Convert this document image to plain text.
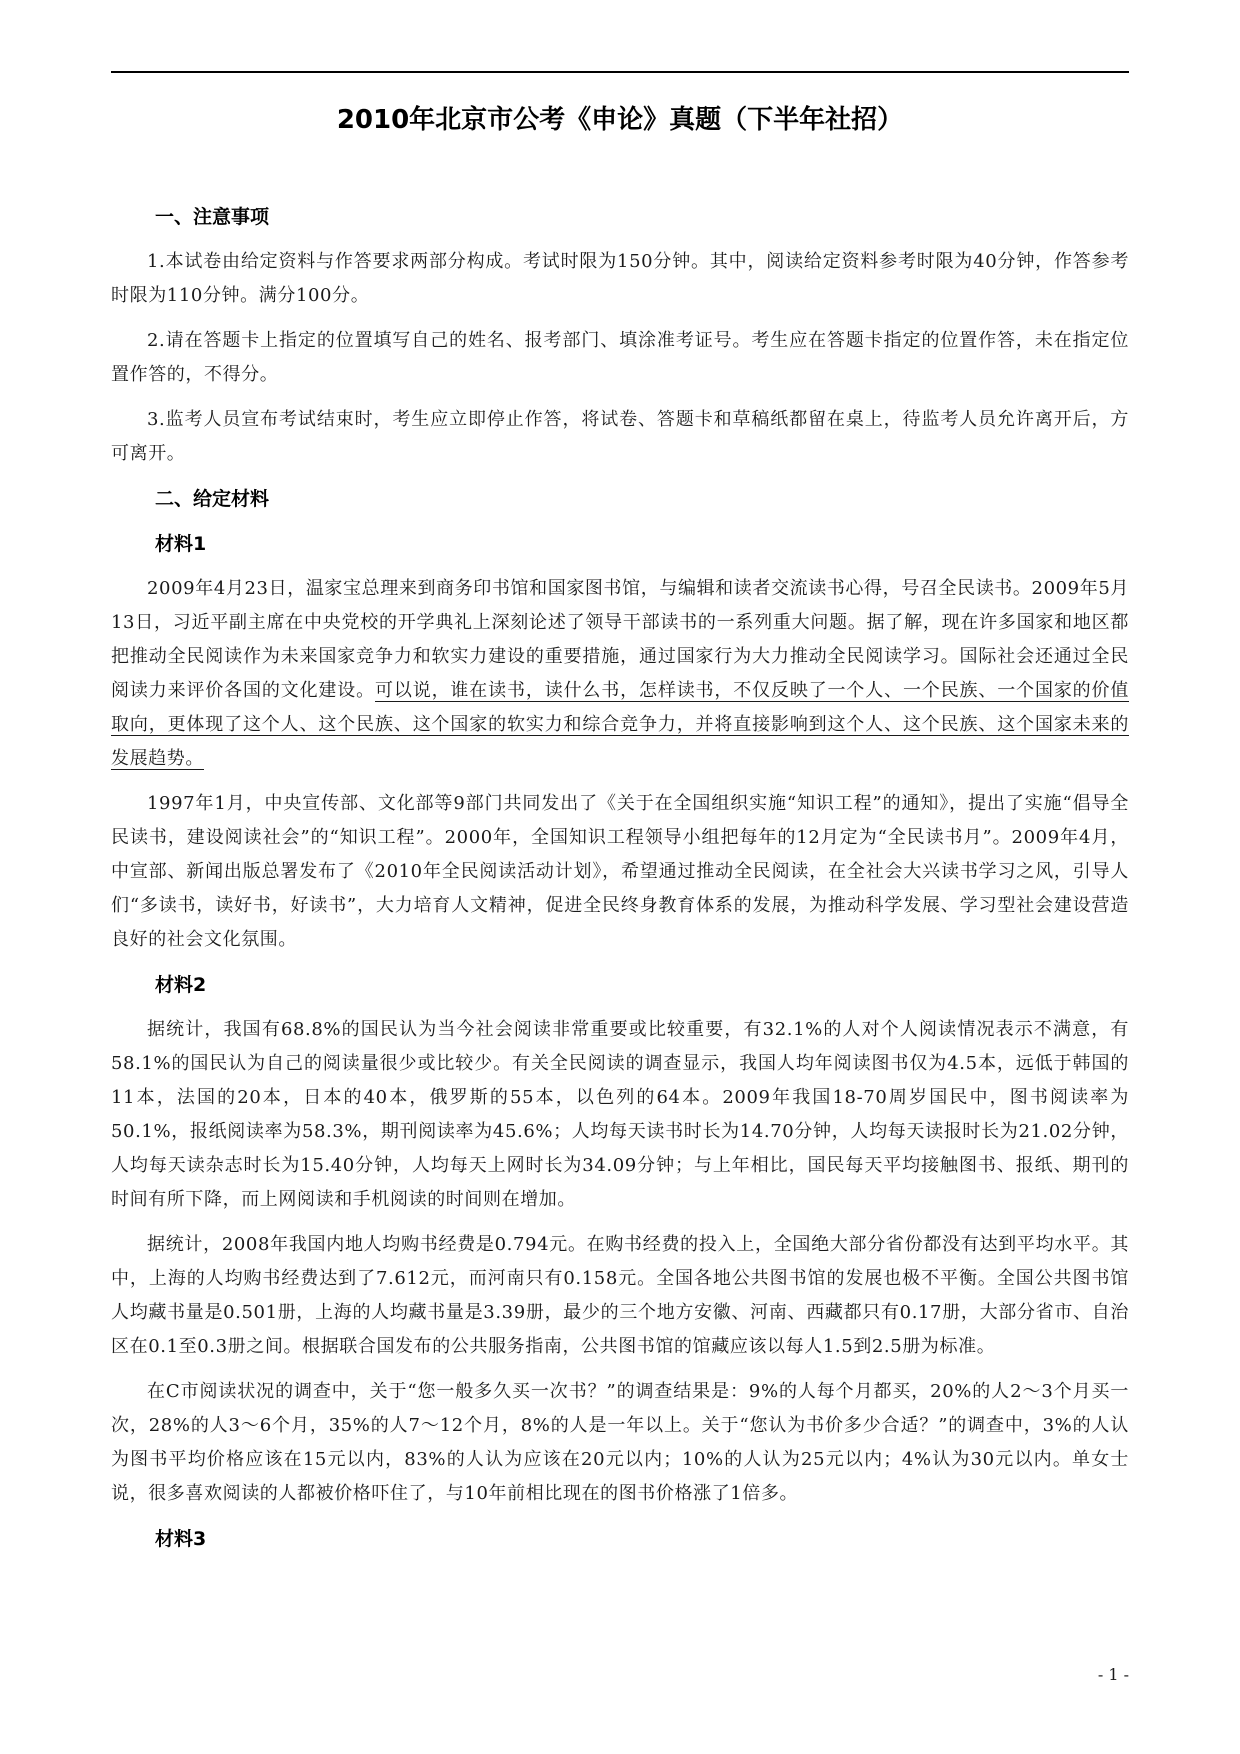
2010年北京市公考《申论》真题（下半年社招）
一、注意事项

1.本试卷由给定资料与作答要求两部分构成。考试时限为150分钟。其中，阅读给定资料参考时限为40分钟，作答参考时限为110分钟。满分100分。

2.请在答题卡上指定的位置填写自己的姓名、报考部门、填涂准考证号。考生应在答题卡指定的位置作答，未在指定位置作答的，不得分。

3.监考人员宣布考试结束时，考生应立即停止作答，将试卷、答题卡和草稿纸都留在桌上，待监考人员允许离开后，方可离开。

二、给定材料
材料1

2009年4月23日，温家宝总理来到商务印书馆和国家图书馆，与编辑和读者交流读书心得，号召全民读书。2009年5月13日，习近平副主席在中央党校的开学典礼上深刻论述了领导干部读书的一系列重大问题。据了解，现在许多国家和地区都把推动全民阅读作为未来国家竞争力和软实力建设的重要措施，通过国家行为大力推动全民阅读学习。国际社会还通过全民阅读力来评价各国的文化建设。可以说，谁在读书，读什么书，怎样读书，不仅反映了一个人、一个民族、一个国家的价值取向，更体现了这个人、这个民族、这个国家的软实力和综合竞争力，并将直接影响到这个人、这个民族、这个国家未来的发展趋势。

1997年1月，中央宣传部、文化部等9部门共同发出了《关于在全国组织实施“知识工程”的通知》，提出了实施“倡导全民读书，建设阅读社会”的“知识工程”。2000年，全国知识工程领导小组把每年的12月定为“全民读书月”。2009年4月，中宣部、新闻出版总署发布了《2010年全民阅读活动计划》，希望通过推动全民阅读，在全社会大兴读书学习之风，引导人们“多读书，读好书，好读书”，大力培育人文精神，促进全民终身教育体系的发展，为推动科学发展、学习型社会建设营造良好的社会文化氛围。

材料2

据统计，我国有68.8%的国民认为当今社会阅读非常重要或比较重要，有32.1%的人对个人阅读情况表示不满意，有58.1%的国民认为自己的阅读量很少或比较少。有关全民阅读的调查显示，我国人均年阅读图书仅为4.5本，远低于韩国的11本，法国的20本，日本的40本，俄罗斯的55本，以色列的64本。2009年我国18-70周岁国民中，图书阅读率为50.1%，报纸阅读率为58.3%，期刊阅读率为45.6%；人均每天读书时长为14.70分钟，人均每天读报时长为21.02分钟，人均每天读杂志时长为15.40分钟，人均每天上网时长为34.09分钟；与上年相比，国民每天平均接触图书、报纸、期刊的时间有所下降，而上网阅读和手机阅读的时间则在增加。

据统计，2008年我国内地人均购书经费是0.794元。在购书经费的投入上，全国绝大部分省份都没有达到平均水平。其中，上海的人均购书经费达到了7.612元，而河南只有0.158元。全国各地公共图书馆的发展也极不平衡。全国公共图书馆人均藏书量是0.501册，上海的人均藏书量是3.39册，最少的三个地方安徽、河南、西藏都只有0.17册，大部分省市、自治区在0.1至0.3册之间。根据联合国发布的公共服务指南，公共图书馆的馆藏应该以每人1.5到2.5册为标准。

在C市阅读状况的调查中，关于“您一般多久买一次书？”的调查结果是：9%的人每个月都买，20%的人2～3个月买一次，28%的人3～6个月，35%的人7～12个月，8%的人是一年以上。关于“您认为书价多少合适？”的调查中，3%的人认为图书平均价格应该在15元以内，83%的人认为应该在20元以内；10%的人认为25元以内；4%认为30元以内。单女士说，很多喜欢阅读的人都被价格吓住了，与10年前相比现在的图书价格涨了1倍多。

材料3
- 1 -
